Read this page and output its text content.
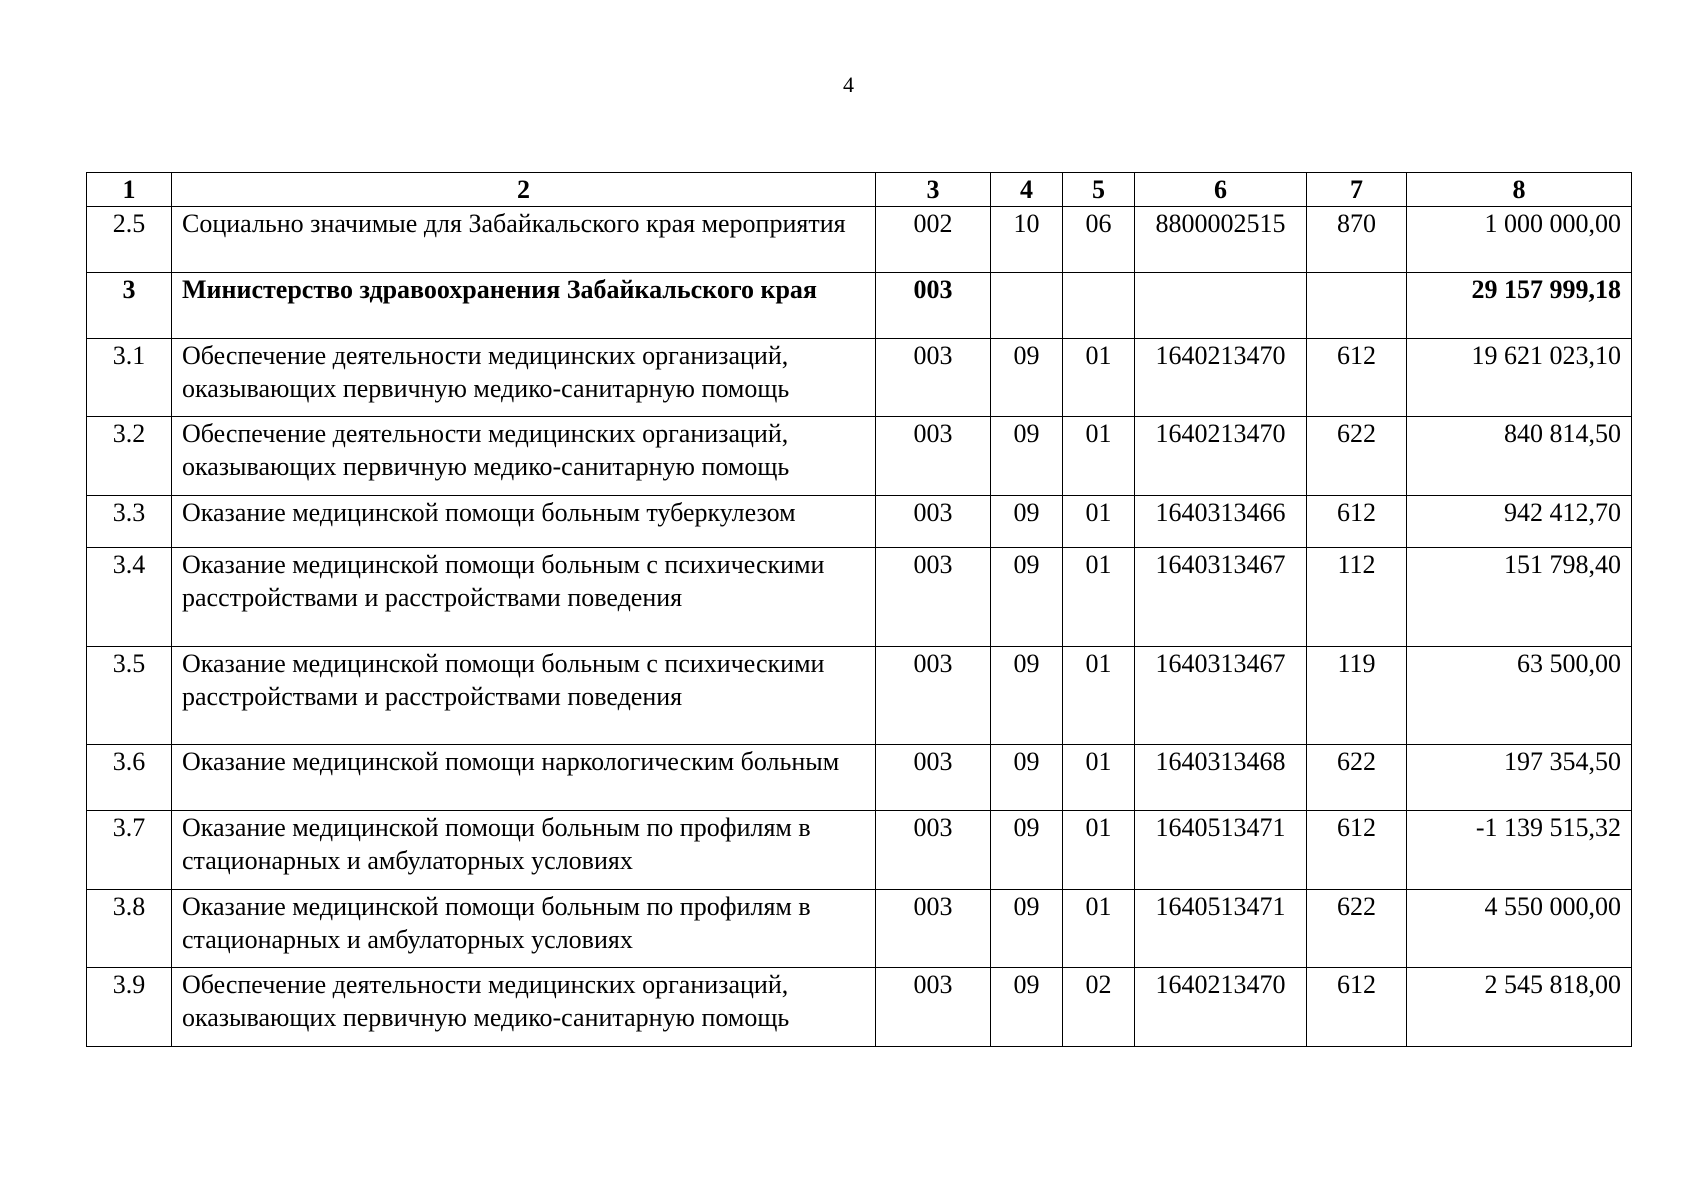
4
1	2	3	4	5	6	7	8
2.5	Социально значимые для Забайкальского края мероприятия	002	10	06	8800002515	870	1 000 000,00
3	Министерство здравоохранения Забайкальского края	003					29 157 999,18
3.1	Обеспечение деятельности медицинских организаций, оказывающих первичную медико-санитарную помощь	003	09	01	1640213470	612	19 621 023,10
3.2	Обеспечение деятельности медицинских организаций, оказывающих первичную медико-санитарную помощь	003	09	01	1640213470	622	840 814,50
3.3	Оказание медицинской помощи больным туберкулезом	003	09	01	1640313466	612	942 412,70
3.4	Оказание медицинской помощи больным с психическими расстройствами и расстройствами поведения	003	09	01	1640313467	112	151 798,40
3.5	Оказание медицинской помощи больным с психическими расстройствами и расстройствами поведения	003	09	01	1640313467	119	63 500,00
3.6	Оказание медицинской помощи наркологическим больным	003	09	01	1640313468	622	197 354,50
3.7	Оказание медицинской помощи больным по профилям в стационарных и амбулаторных условиях	003	09	01	1640513471	612	-1 139 515,32
3.8	Оказание медицинской помощи больным по профилям в стационарных и амбулаторных условиях	003	09	01	1640513471	622	4 550 000,00
3.9	Обеспечение деятельности медицинских организаций, оказывающих первичную медико-санитарную помощь	003	09	02	1640213470	612	2 545 818,00
